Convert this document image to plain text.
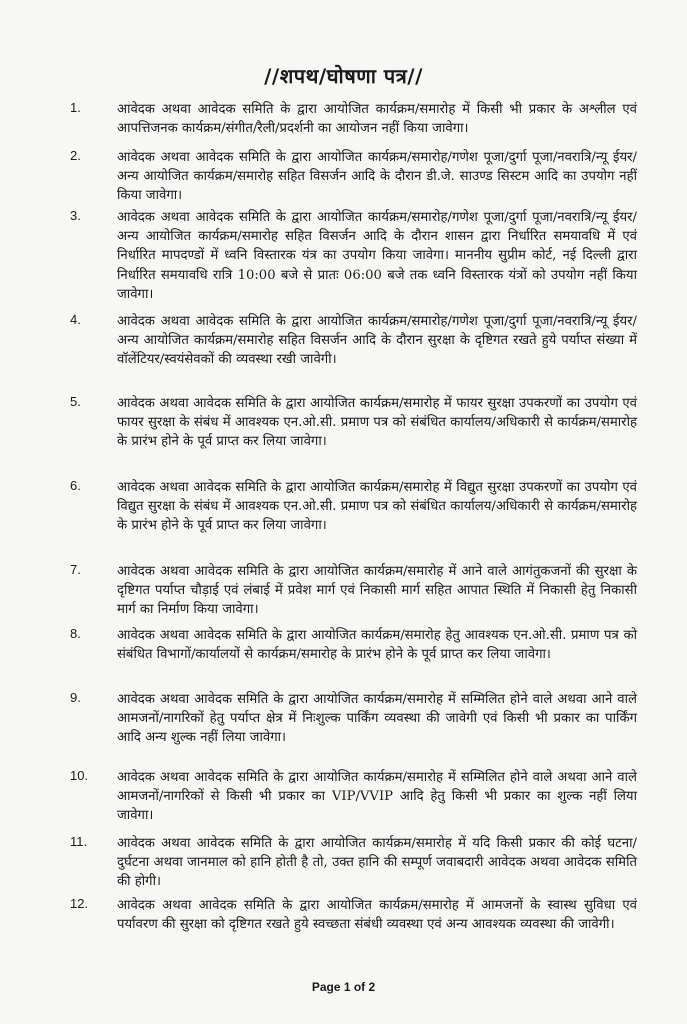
//शपथ/घोषणा पत्र//
1.	आवेदक अथवा आवेदक समिति के द्वारा आयोजित कार्यक्रम/समारोह में किसी भी प्रकार के अश्लील एवं आपत्तिजनक कार्यक्रम/संगीत/रैली/प्रदर्शनी का आयोजन नहीं किया जावेगा।
2.	आवेदक अथवा आवेदक समिति के द्वारा आयोजित कार्यक्रम/समारोह/गणेश पूजा/दुर्गा पूजा/नवरात्रि/न्यू ईयर/अन्य आयोजित कार्यक्रम/समारोह सहित विसर्जन आदि के दौरान डी.जे. साउण्ड सिस्टम आदि का उपयोग नहीं किया जावेगा।
3.	आवेदक अथवा आवेदक समिति के द्वारा आयोजित कार्यक्रम/समारोह/गणेश पूजा/दुर्गा पूजा/नवरात्रि/न्यू ईयर/अन्य आयोजित कार्यक्रम/समारोह सहित विसर्जन आदि के दौरान शासन द्वारा निर्धारित समयावधि में एवं निर्धारित मापदण्डों में ध्वनि विस्तारक यंत्र का उपयोग किया जावेगा। माननीय सुप्रीम कोर्ट, नई दिल्ली द्वारा निर्धारित समयावधि रात्रि 10:00 बजे से प्रातः 06:00 बजे तक ध्वनि विस्तारक यंत्रों को उपयोग नहीं किया जावेगा।
4.	आवेदक अथवा आवेदक समिति के द्वारा आयोजित कार्यक्रम/समारोह/गणेश पूजा/दुर्गा पूजा/नवरात्रि/न्यू ईयर/अन्य आयोजित कार्यक्रम/समारोह सहित विसर्जन आदि के दौरान सुरक्षा के दृष्टिगत रखते हुये पर्याप्त संख्या में वॉलेंटियर/स्वयंसेवकों की व्यवस्था रखी जावेगी।
5.	आवेदक अथवा आवेदक समिति के द्वारा आयोजित कार्यक्रम/समारोह में फायर सुरक्षा उपकरणों का उपयोग एवं फायर सुरक्षा के संबंध में आवश्यक एन.ओ.सी. प्रमाण पत्र को संबंधित कार्यालय/अधिकारी से कार्यक्रम/समारोह के प्रारंभ होने के पूर्व प्राप्त कर लिया जावेगा।
6.	आवेदक अथवा आवेदक समिति के द्वारा आयोजित कार्यक्रम/समारोह में विद्युत सुरक्षा उपकरणों का उपयोग एवं विद्युत सुरक्षा के संबंध में आवश्यक एन.ओ.सी. प्रमाण पत्र को संबंधित कार्यालय/अधिकारी से कार्यक्रम/समारोह के प्रारंभ होने के पूर्व प्राप्त कर लिया जावेगा।
7.	आवेदक अथवा आवेदक समिति के द्वारा आयोजित कार्यक्रम/समारोह में आने वाले आगंतुकजनों की सुरक्षा के दृष्टिगत पर्याप्त चौड़ाई एवं लंबाई में प्रवेश मार्ग एवं निकासी मार्ग सहित आपात स्थिति में निकासी हेतु निकासी मार्ग का निर्माण किया जावेगा।
8.	आवेदक अथवा आवेदक समिति के द्वारा आयोजित कार्यक्रम/समारोह हेतु आवश्यक एन.ओ.सी. प्रमाण पत्र को संबंधित विभागों/कार्यालयों से कार्यक्रम/समारोह के प्रारंभ होने के पूर्व प्राप्त कर लिया जावेगा।
9.	आवेदक अथवा आवेदक समिति के द्वारा आयोजित कार्यक्रम/समारोह में सम्मिलित होने वाले अथवा आने वाले आमजनों/नागरिकों हेतु पर्याप्त क्षेत्र में निःशुल्क पार्किंग व्यवस्था की जावेगी एवं किसी भी प्रकार का पार्किंग आदि अन्य शुल्क नहीं लिया जावेगा।
10. आवेदक अथवा आवेदक समिति के द्वारा आयोजित कार्यक्रम/समारोह में सम्मिलित होने वाले अथवा आने वाले आमजनों/नागरिकों से किसी भी प्रकार का VIP/VVIP आदि हेतु किसी भी प्रकार का शुल्क नहीं लिया जावेगा।
11. आवेदक अथवा आवेदक समिति के द्वारा आयोजित कार्यक्रम/समारोह में यदि किसी प्रकार की कोई घटना/दुर्घटना अथवा जानमाल को हानि होती है तो, उक्त हानि की सम्पूर्ण जवाबदारी आवेदक अथवा आवेदक समिति की होगी।
12. आवेदक अथवा आवेदक समिति के द्वारा आयोजित कार्यक्रम/समारोह में आमजनों के स्वास्थ सुविधा एवं पर्यावरण की सुरक्षा को दृष्टिगत रखते हुये स्वच्छता संबंधी व्यवस्था एवं अन्य आवश्यक व्यवस्था की जावेगी।
Page 1 of 2
